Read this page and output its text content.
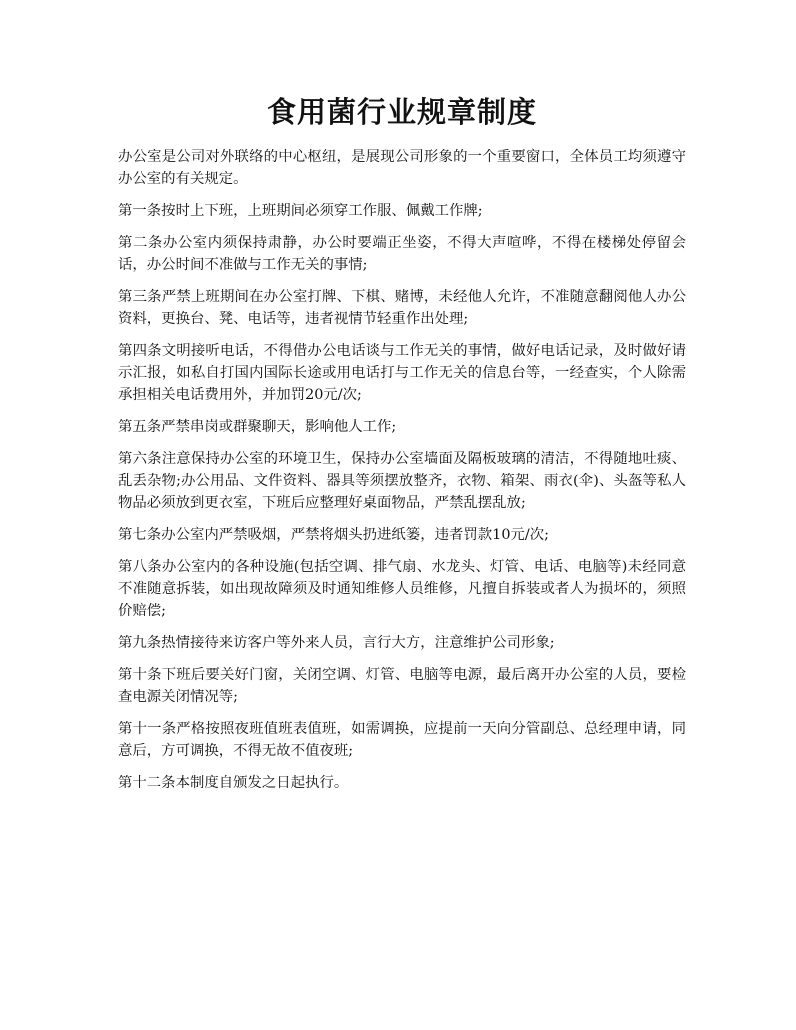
食用菌行业规章制度

办公室是公司对外联络的中心枢纽，是展现公司形象的一个重要窗口，全体员工均须遵守办公室的有关规定。

第一条按时上下班，上班期间必须穿工作服、佩戴工作牌;

第二条办公室内须保持肃静，办公时要端正坐姿，不得大声喧哗，不得在楼梯处停留会话，办公时间不准做与工作无关的事情;

第三条严禁上班期间在办公室打牌、下棋、赌博，未经他人允许，不准随意翻阅他人办公资料，更换台、凳、电话等，违者视情节轻重作出处理;

第四条文明接听电话，不得借办公电话谈与工作无关的事情，做好电话记录，及时做好请示汇报，如私自打国内国际长途或用电话打与工作无关的信息台等，一经查实，个人除需承担相关电话费用外，并加罚20元/次;

第五条严禁串岗或群聚聊天，影响他人工作;

第六条注意保持办公室的环境卫生，保持办公室墙面及隔板玻璃的清洁，不得随地吐痰、乱丢杂物;办公用品、文件资料、器具等须摆放整齐，衣物、箱架、雨衣(伞)、头盔等私人物品必须放到更衣室，下班后应整理好桌面物品，严禁乱摆乱放;

第七条办公室内严禁吸烟，严禁将烟头扔进纸篓，违者罚款10元/次;

第八条办公室内的各种设施(包括空调、排气扇、水龙头、灯管、电话、电脑等)未经同意不准随意拆装，如出现故障须及时通知维修人员维修，凡擅自拆装或者人为损坏的，须照价赔偿;

第九条热情接待来访客户等外来人员，言行大方，注意维护公司形象;

第十条下班后要关好门窗，关闭空调、灯管、电脑等电源，最后离开办公室的人员，要检查电源关闭情况等;

第十一条严格按照夜班值班表值班，如需调换，应提前一天向分管副总、总经理申请，同意后，方可调换，不得无故不值夜班;

第十二条本制度自颁发之日起执行。
